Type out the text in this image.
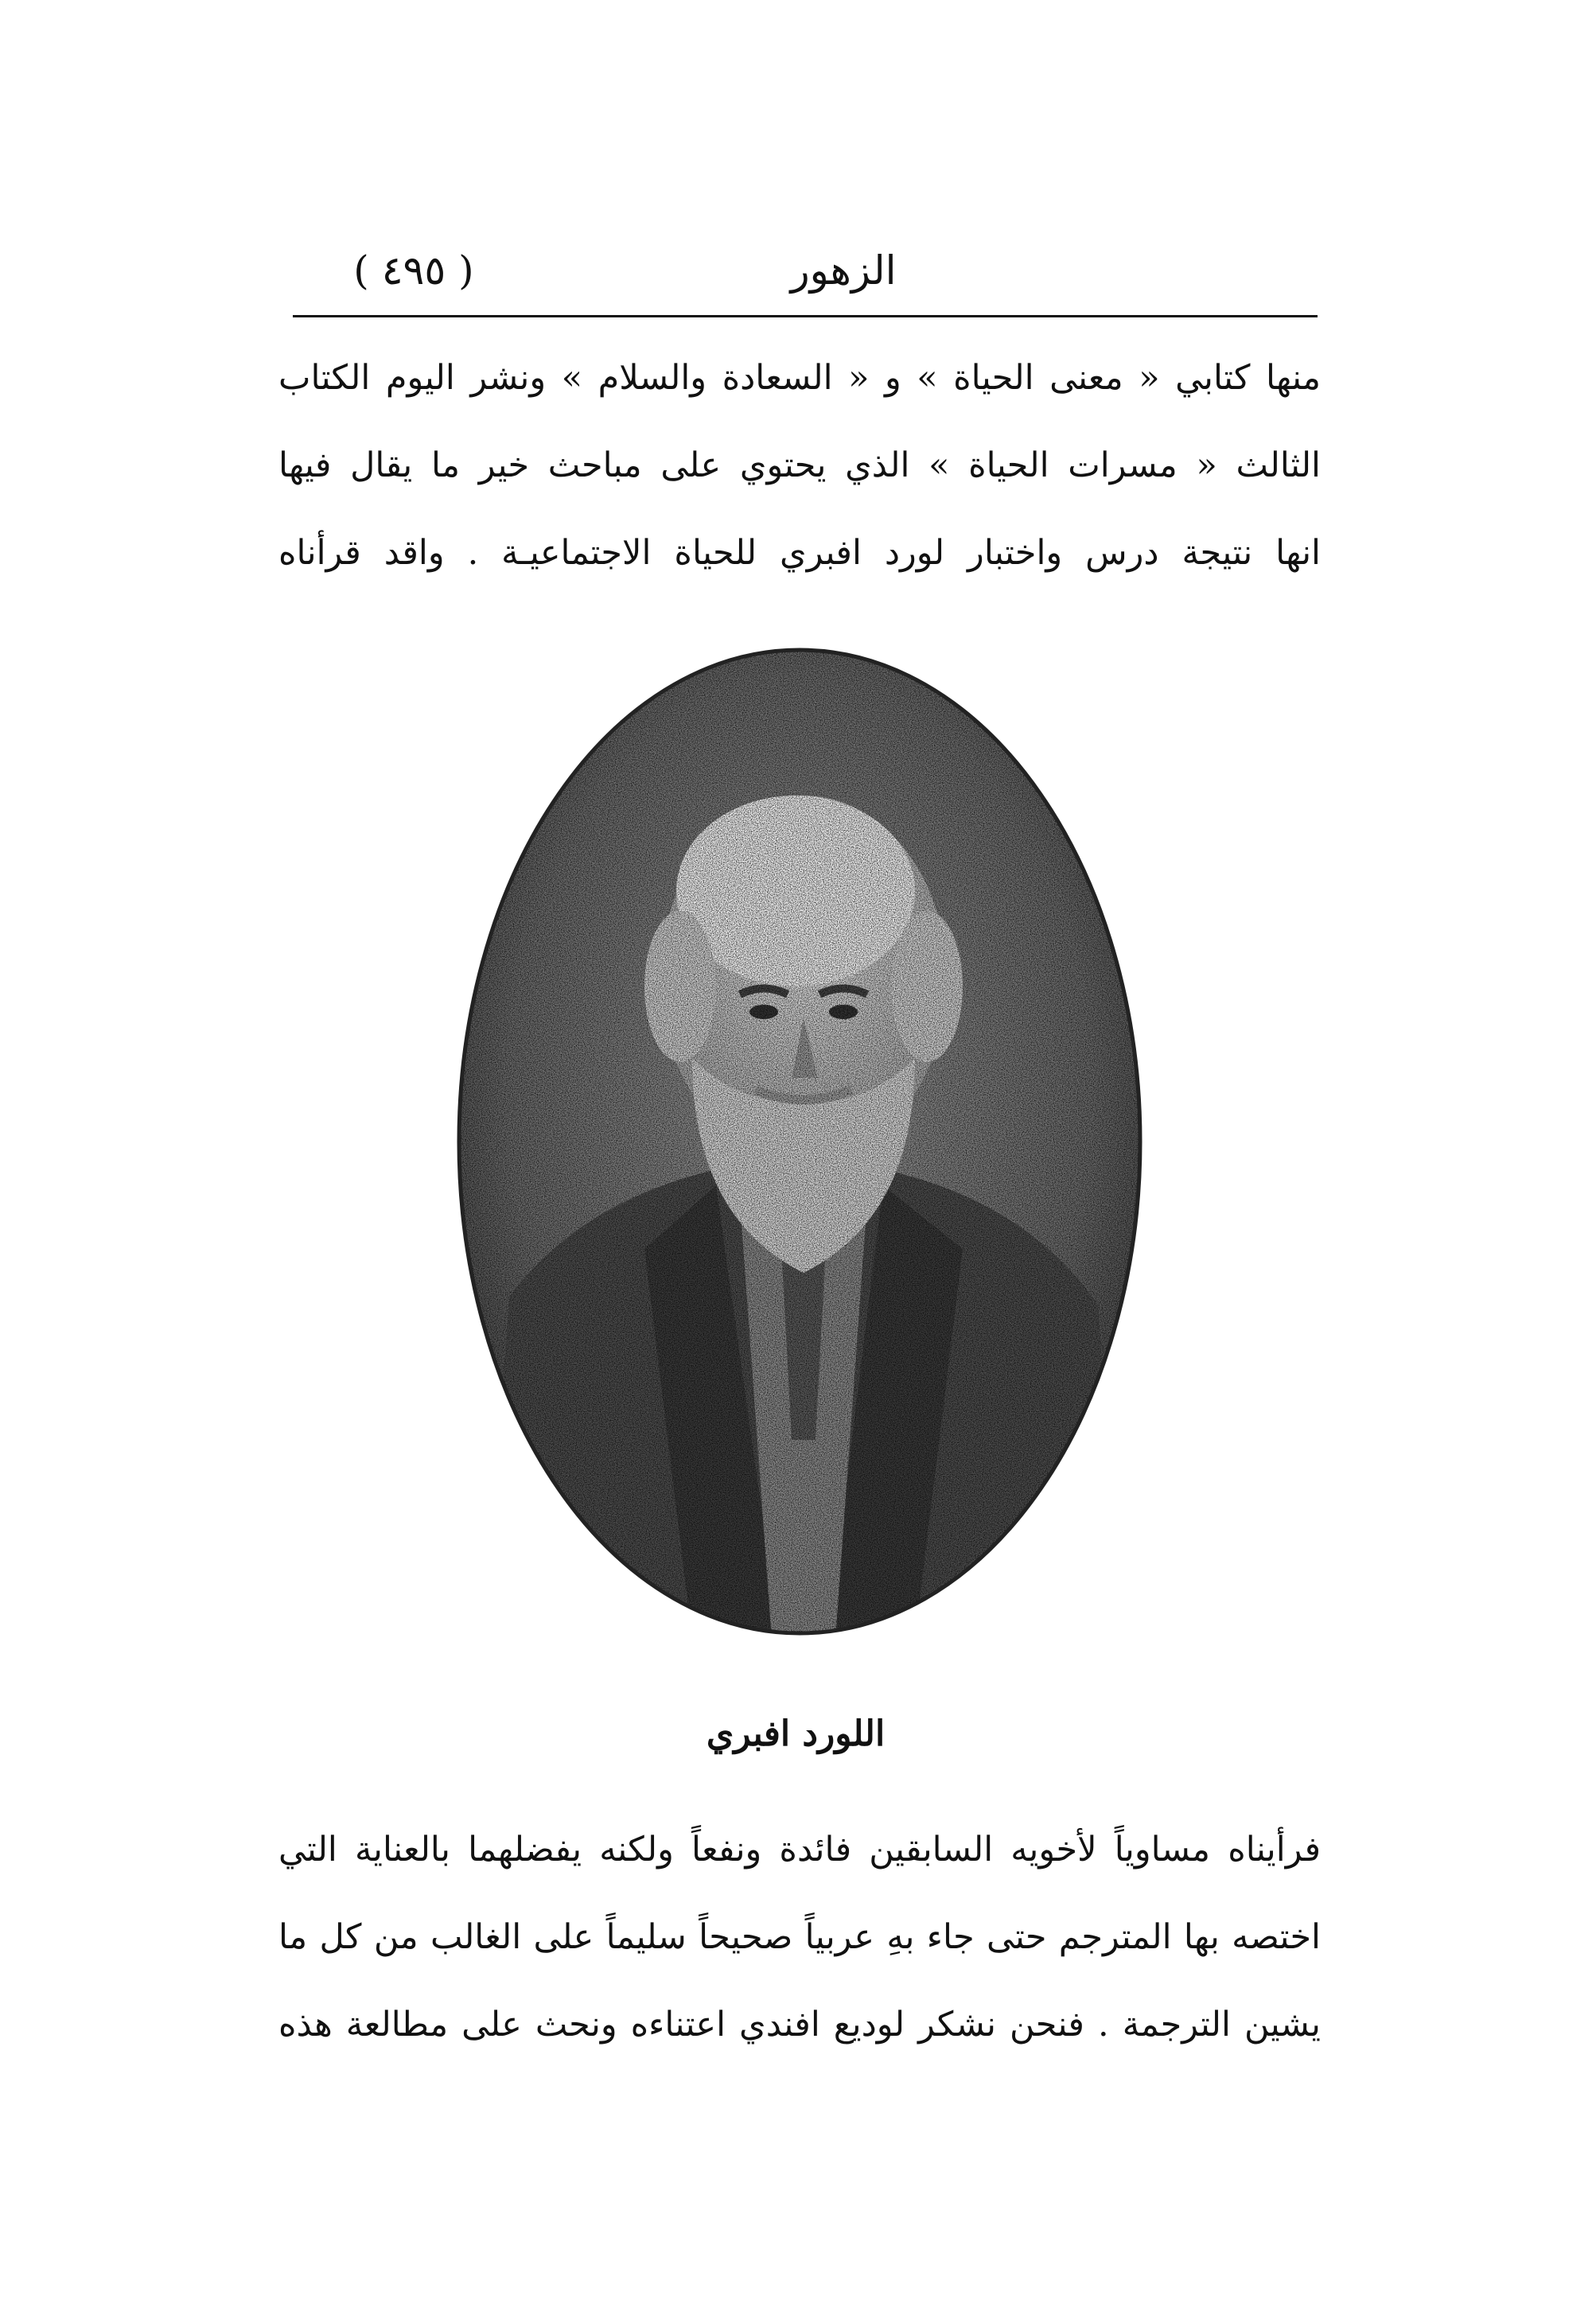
الزهور
( ٤٩٥ )
منها كتابي « معنى الحياة » و « السعادة والسلام » ونشر اليوم الكتاب
الثالث « مسرات الحياة » الذي يحتوي على مباحث خير ما يقال فيها
انها نتيجة درس واختبار لورد افبري للحياة الاجتماعيـة . واقد قرأناه
اللورد افبري
فرأيناه مساوياً لأخويه السابقين فائدة ونفعاً ولكنه يفضلهما بالعناية التي
اختصه بها المترجم حتى جاء بهِ عربياً صحيحاً سليماً على الغالب من كل ما
يشين الترجمة . فنحن نشكر لوديع افندي اعتناءه ونحث على مطالعة هذه
